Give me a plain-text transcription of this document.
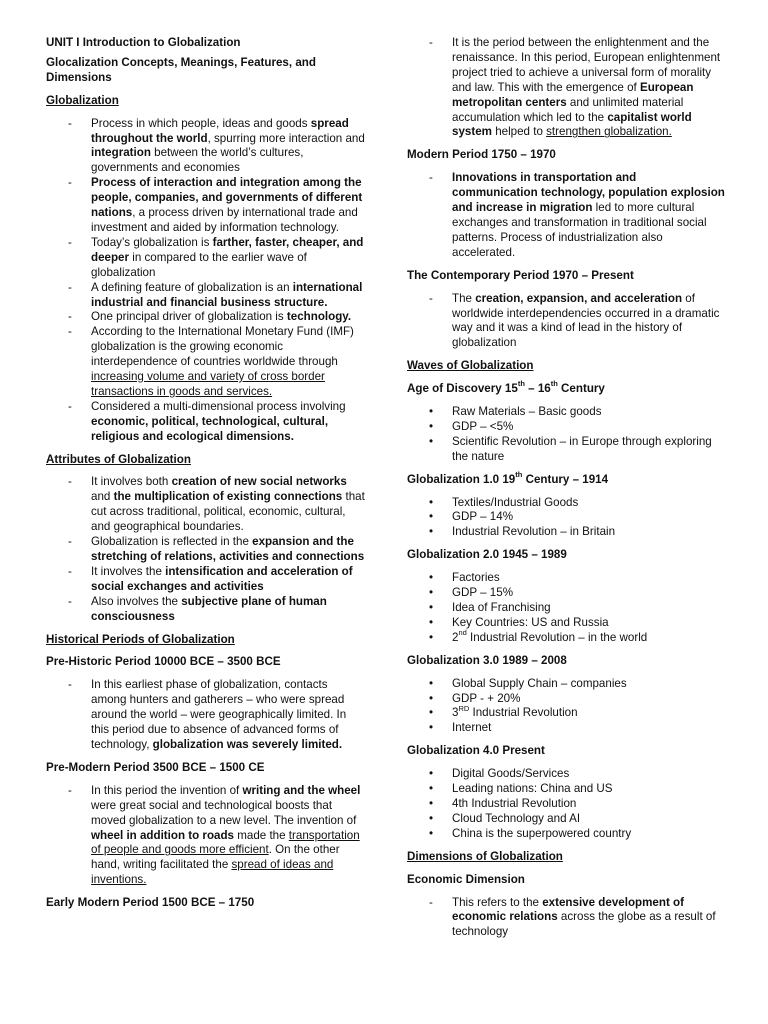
UNIT I Introduction to Globalization
Glocalization Concepts, Meanings, Features, and Dimensions
Globalization
- Process in which people, ideas and goods spread throughout the world, spurring more interaction and integration between the world’s cultures, governments and economies
- Process of interaction and integration among the people, companies, and governments of different nations, a process driven by international trade and investment and aided by information technology.
- Today’s globalization is farther, faster, cheaper, and deeper in compared to the earlier wave of globalization
- A defining feature of globalization is an international industrial and financial business structure.
- One principal driver of globalization is technology.
- According to the International Monetary Fund (IMF) globalization is the growing economic interdependence of countries worldwide through increasing volume and variety of cross border transactions in goods and services.
- Considered a multi-dimensional process involving economic, political, technological, cultural, religious and ecological dimensions.
Attributes of Globalization
- It involves both creation of new social networks and the multiplication of existing connections that cut across traditional, political, economic, cultural, and geographical boundaries.
- Globalization is reflected in the expansion and the stretching of relations, activities and connections
- It involves the intensification and acceleration of social exchanges and activities
- Also involves the subjective plane of human consciousness
Historical Periods of Globalization
Pre-Historic Period 10000 BCE – 3500 BCE
- In this earliest phase of globalization, contacts among hunters and gatherers – who were spread around the world – were geographically limited. In this period due to absence of advanced forms of technology, globalization was severely limited.
Pre-Modern Period 3500 BCE – 1500 CE
- In this period the invention of writing and the wheel were great social and technological boosts that moved globalization to a new level. The invention of wheel in addition to roads made the transportation of people and goods more efficient. On the other hand, writing facilitated the spread of ideas and inventions.
Early Modern Period 1500 BCE – 1750
- It is the period between the enlightenment and the renaissance. In this period, European enlightenment project tried to achieve a universal form of morality and law. This with the emergence of European metropolitan centers and unlimited material accumulation which led to the capitalist world system helped to strengthen globalization.
Modern Period 1750 – 1970
- Innovations in transportation and communication technology, population explosion and increase in migration led to more cultural exchanges and transformation in traditional social patterns. Process of industrialization also accelerated.
The Contemporary Period 1970 – Present
- The creation, expansion, and acceleration of worldwide interdependencies occurred in a dramatic way and it was a kind of lead in the history of globalization
Waves of Globalization
Age of Discovery 15th – 16th Century
• Raw Materials – Basic goods
• GDP – <5%
• Scientific Revolution – in Europe through exploring the nature
Globalization 1.0 19th Century – 1914
• Textiles/Industrial Goods
• GDP – 14%
• Industrial Revolution – in Britain
Globalization 2.0 1945 – 1989
• Factories
• GDP – 15%
• Idea of Franchising
• Key Countries: US and Russia
• 2nd Industrial Revolution – in the world
Globalization 3.0 1989 – 2008
• Global Supply Chain – companies
• GDP - + 20%
• 3RD Industrial Revolution
• Internet
Globalization 4.0 Present
• Digital Goods/Services
• Leading nations: China and US
• 4th Industrial Revolution
• Cloud Technology and AI
• China is the superpowered country
Dimensions of Globalization
Economic Dimension
- This refers to the extensive development of economic relations across the globe as a result of technology
